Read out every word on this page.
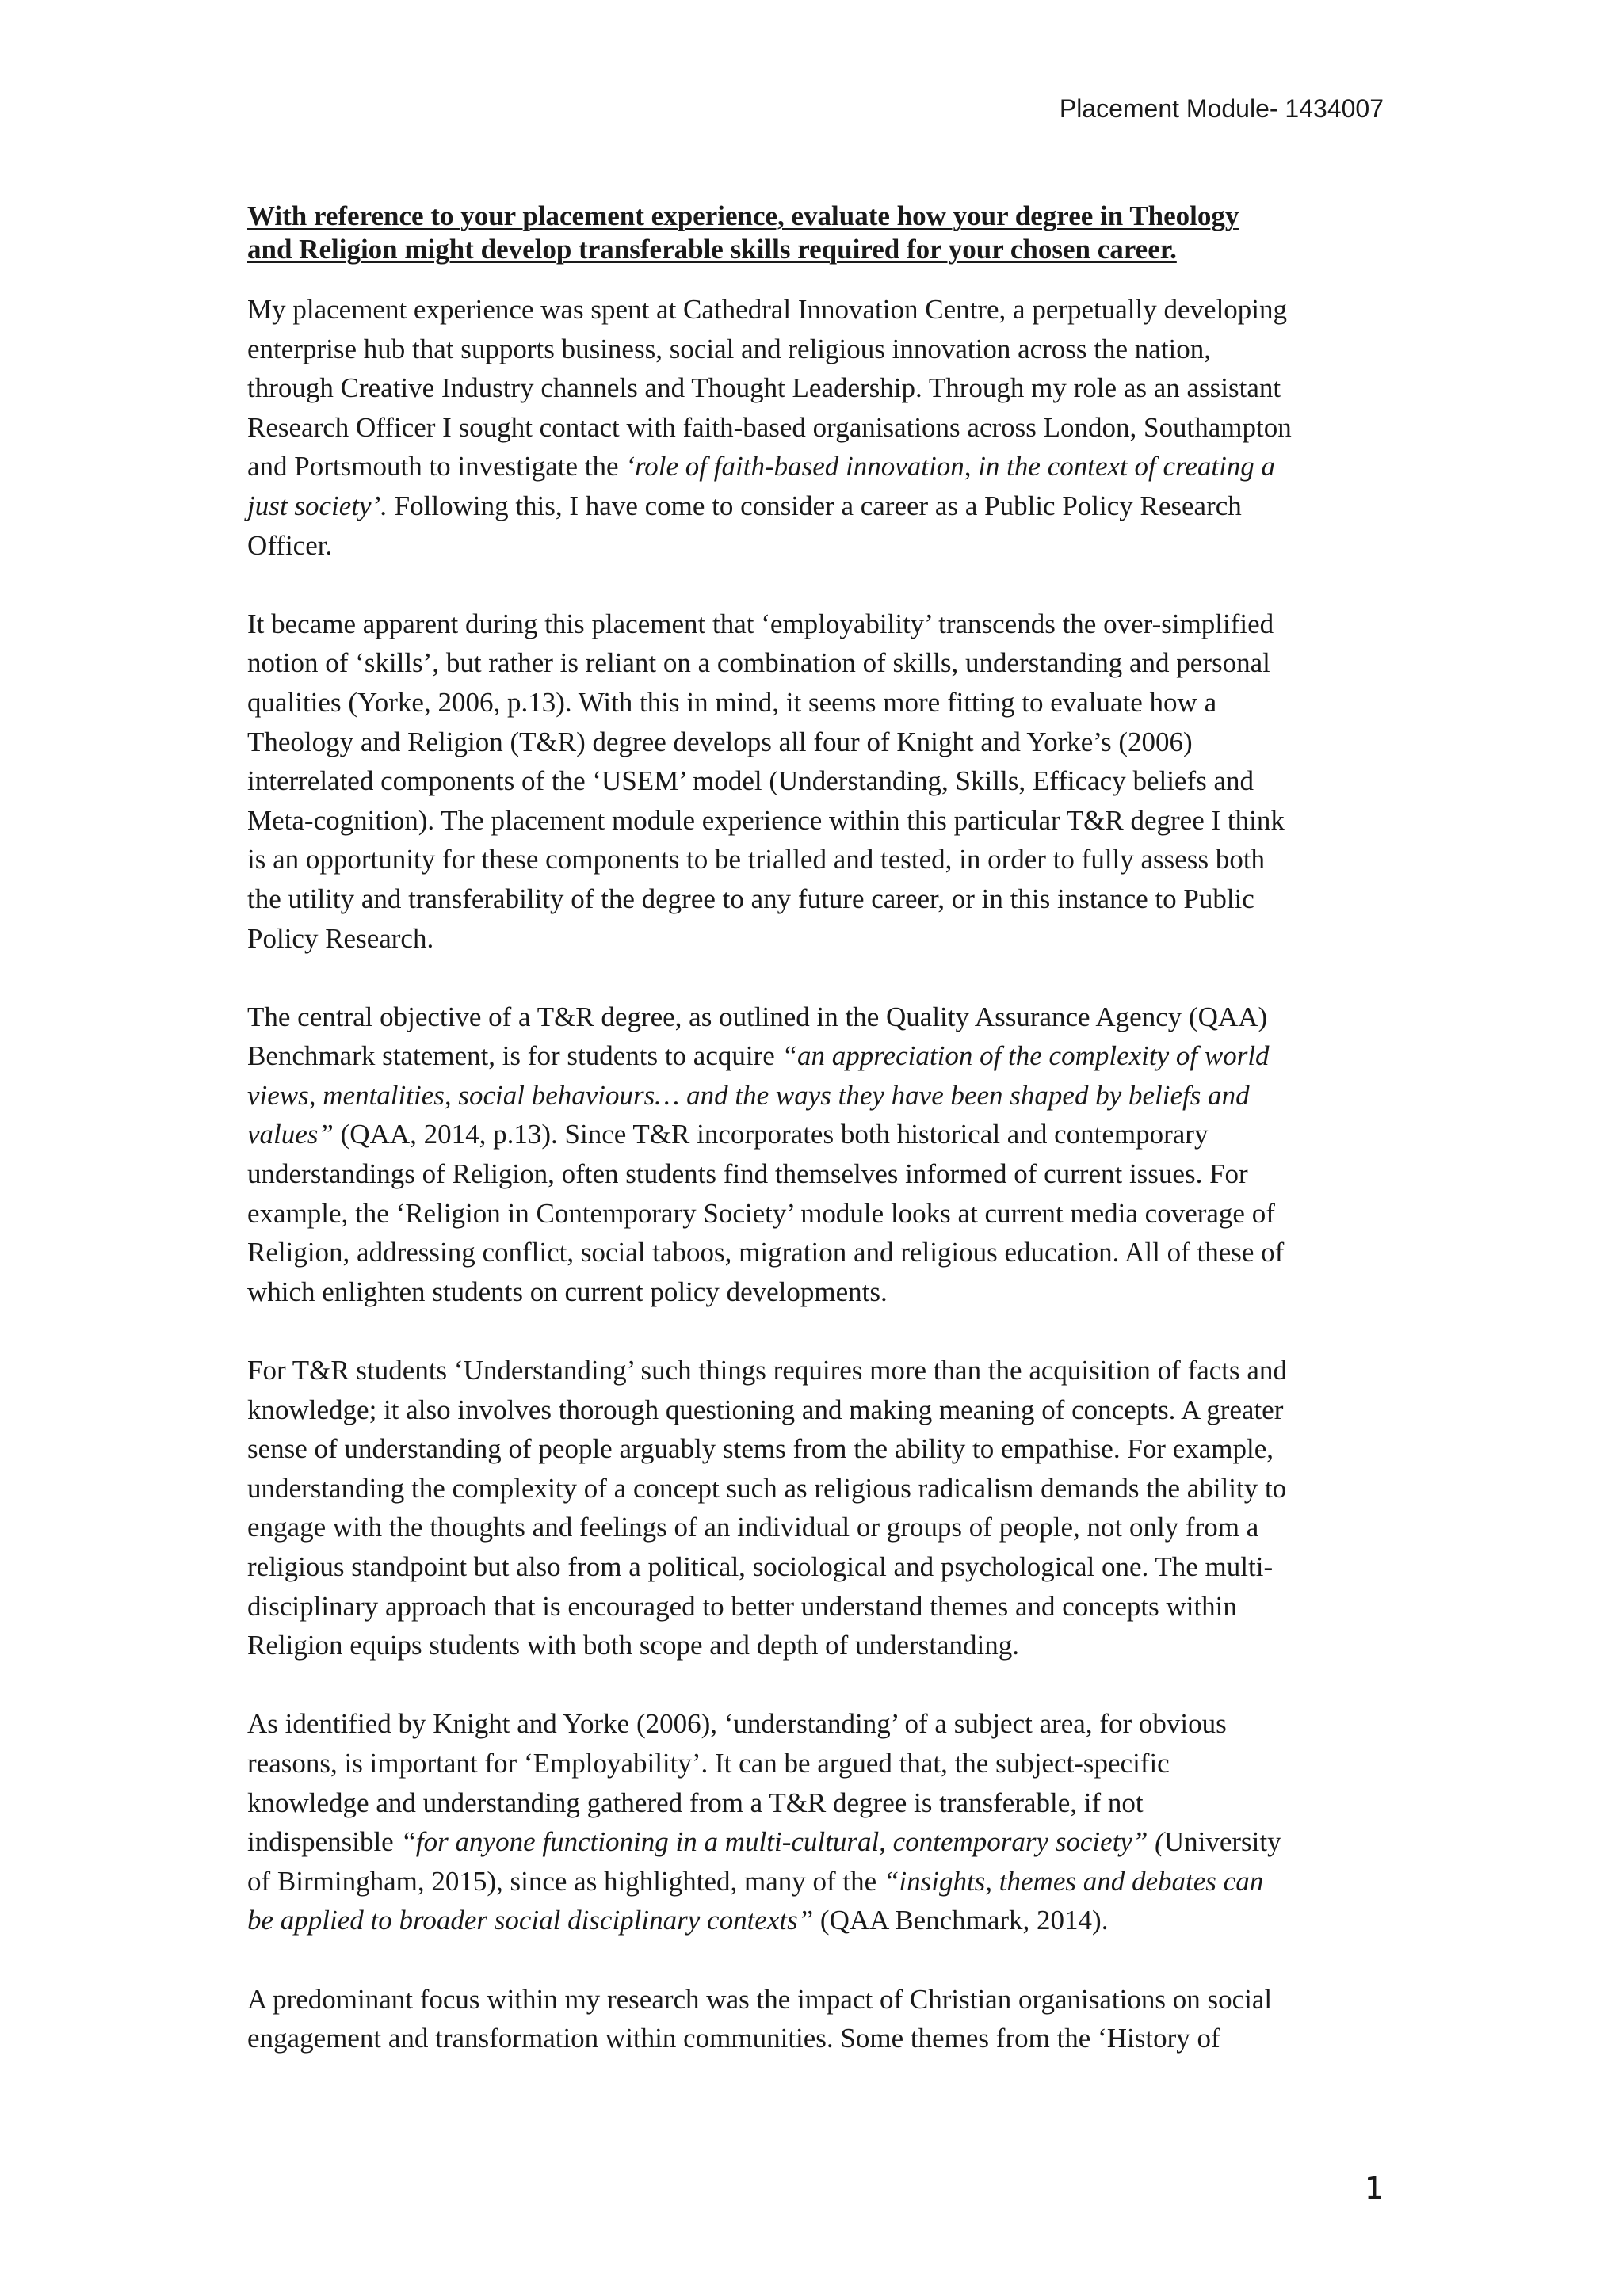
Placement Module- 1434007
With reference to your placement experience, evaluate how your degree in Theology
and Religion might develop transferable skills required for your chosen career.
My placement experience was spent at Cathedral Innovation Centre, a perpetually developing
enterprise hub that supports business, social and religious innovation across the nation,
through Creative Industry channels and Thought Leadership. Through my role as an assistant
Research Officer I sought contact with faith-based organisations across London, Southampton
and Portsmouth to investigate the ‘role of faith-based innovation, in the context of creating a
just society’. Following this, I have come to consider a career as a Public Policy Research
Officer.
It became apparent during this placement that ‘employability’ transcends the over-simplified
notion of ‘skills’, but rather is reliant on a combination of skills, understanding and personal
qualities (Yorke, 2006, p.13). With this in mind, it seems more fitting to evaluate how a
Theology and Religion (T&R) degree develops all four of Knight and Yorke’s (2006)
interrelated components of the ‘USEM’ model (Understanding, Skills, Efficacy beliefs and
Meta-cognition). The placement module experience within this particular T&R degree I think
is an opportunity for these components to be trialled and tested, in order to fully assess both
the utility and transferability of the degree to any future career, or in this instance to Public
Policy Research.
The central objective of a T&R degree, as outlined in the Quality Assurance Agency (QAA)
Benchmark statement, is for students to acquire “an appreciation of the complexity of world
views, mentalities, social behaviours… and the ways they have been shaped by beliefs and
values” (QAA, 2014, p.13). Since T&R incorporates both historical and contemporary
understandings of Religion, often students find themselves informed of current issues. For
example, the ‘Religion in Contemporary Society’ module looks at current media coverage of
Religion, addressing conflict, social taboos, migration and religious education. All of these of
which enlighten students on current policy developments.
For T&R students ‘Understanding’ such things requires more than the acquisition of facts and
knowledge; it also involves thorough questioning and making meaning of concepts. A greater
sense of understanding of people arguably stems from the ability to empathise. For example,
understanding the complexity of a concept such as religious radicalism demands the ability to
engage with the thoughts and feelings of an individual or groups of people, not only from a
religious standpoint but also from a political, sociological and psychological one. The multi-
disciplinary approach that is encouraged to better understand themes and concepts within
Religion equips students with both scope and depth of understanding.
As identified by Knight and Yorke (2006), ‘understanding’ of a subject area, for obvious
reasons, is important for ‘Employability’. It can be argued that, the subject-specific
knowledge and understanding gathered from a T&R degree is transferable, if not
indispensible “for anyone functioning in a multi-cultural, contemporary society” (University
of Birmingham, 2015), since as highlighted, many of the “insights, themes and debates can
be applied to broader social disciplinary contexts” (QAA Benchmark, 2014).
A predominant focus within my research was the impact of Christian organisations on social
engagement and transformation within communities. Some themes from the ‘History of
1
